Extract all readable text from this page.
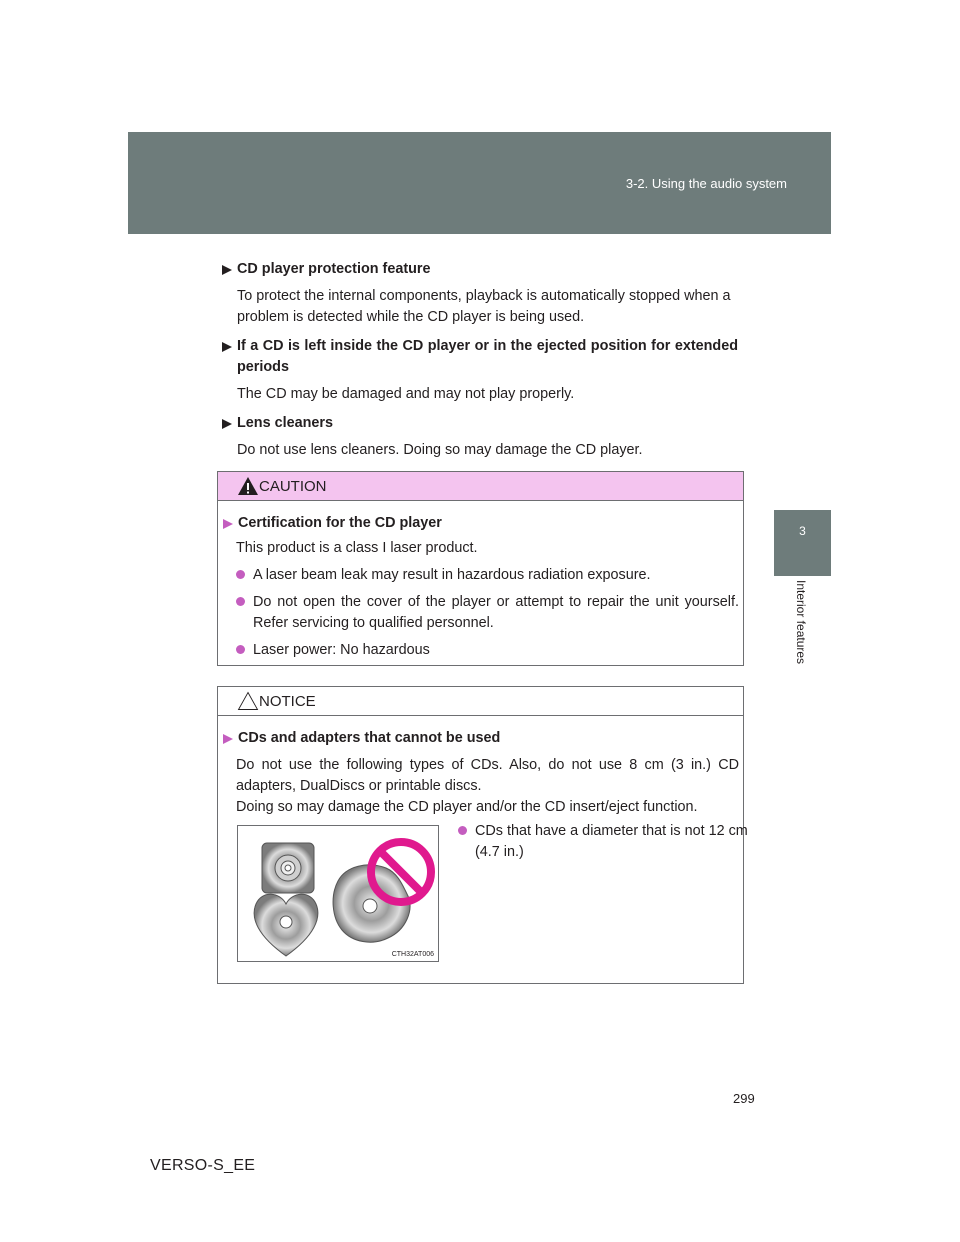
3-2. Using the audio system
3
Interior features

CD player protection feature

To protect the internal components, playback is automatically stopped when a problem is detected while the CD player is being used.

If a CD is left inside the CD player or in the ejected position for extended periods

The CD may be damaged and may not play properly.

Lens cleaners

Do not use lens cleaners. Doing so may damage the CD player.

CAUTION

Certification for the CD player

This product is a class I laser product.

A laser beam leak may result in hazardous radiation exposure.
Do not open the cover of the player or attempt to repair the unit yourself. Refer servicing to qualified personnel.
Laser power: No hazardous
NOTICE

CDs and adapters that cannot be used

Do not use the following types of CDs. Also, do not use 8 cm (3 in.) CD adapters, DualDiscs or printable discs.

Doing so may damage the CD player and/or the CD insert/eject function.

CTH32AT006
CDs that have a diameter that is not 12 cm (4.7 in.)
299
VERSO-S_EE
